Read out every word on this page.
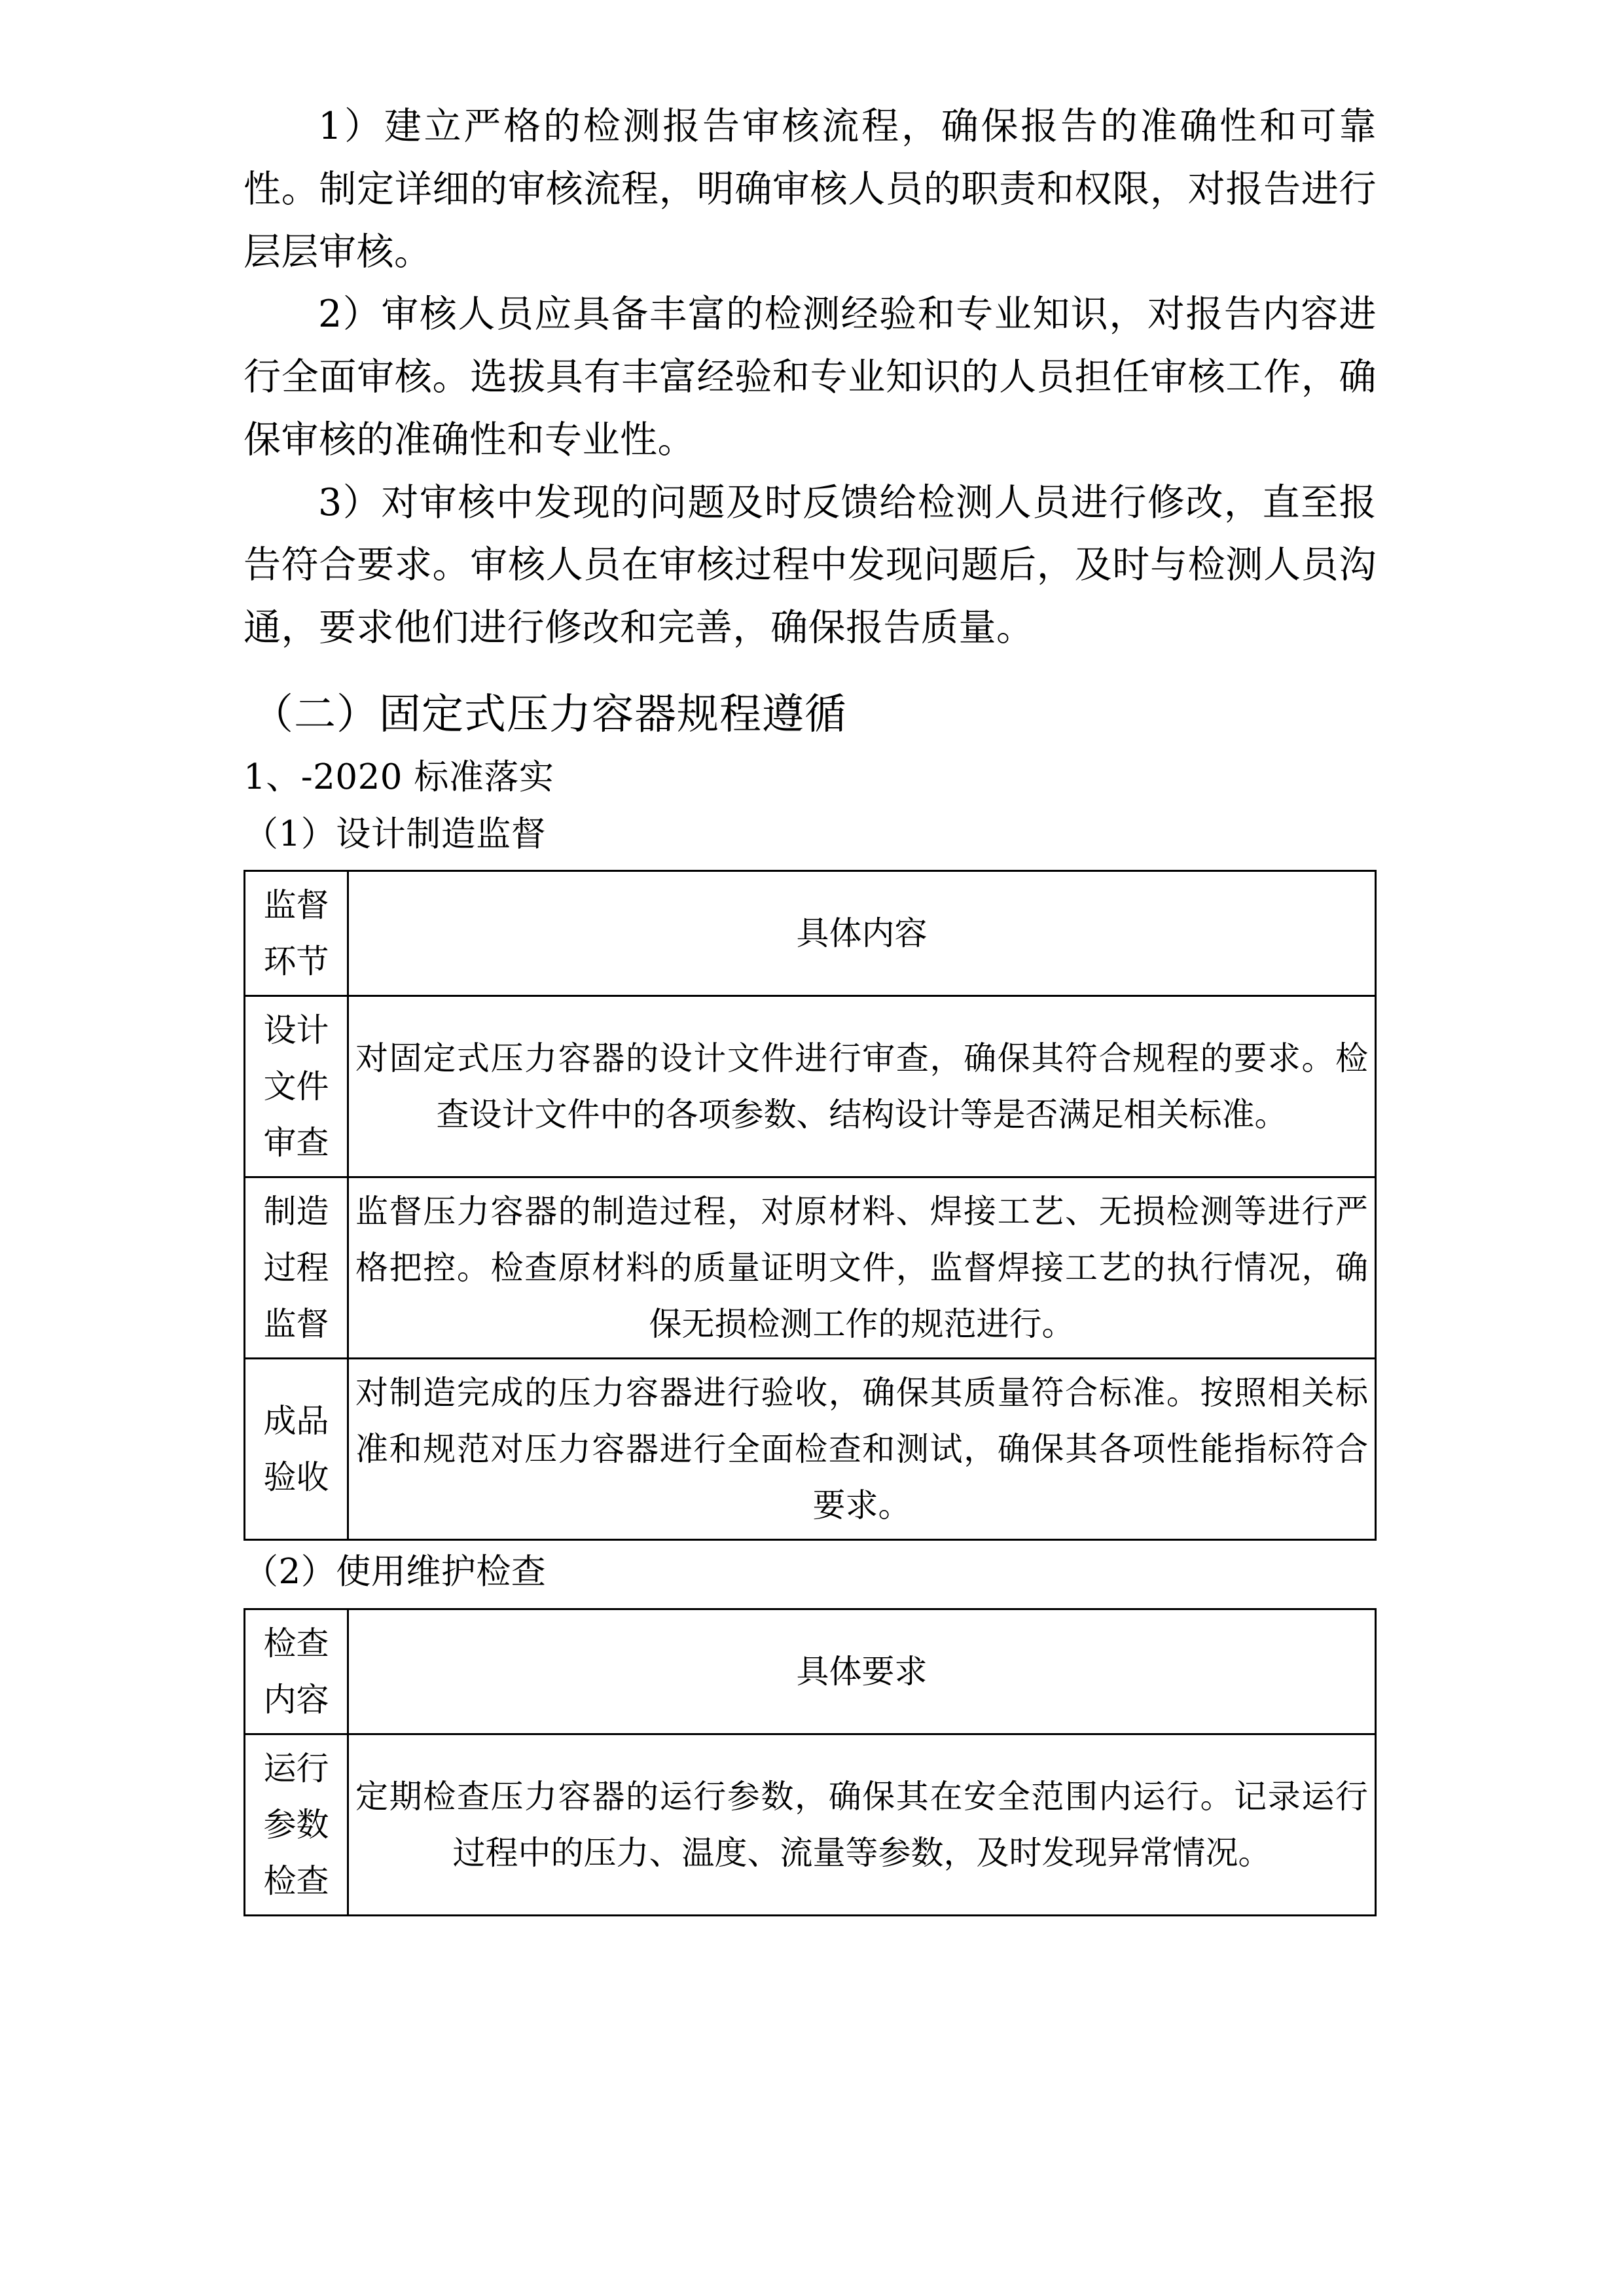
1）建立严格的检测报告审核流程，确保报告的准确性和可靠性。制定详细的审核流程，明确审核人员的职责和权限，对报告进行层层审核。

2）审核人员应具备丰富的检测经验和专业知识，对报告内容进行全面审核。选拔具有丰富经验和专业知识的人员担任审核工作，确保审核的准确性和专业性。

3）对审核中发现的问题及时反馈给检测人员进行修改，直至报告符合要求。审核人员在审核过程中发现问题后，及时与检测人员沟通，要求他们进行修改和完善，确保报告质量。

（二）固定式压力容器规程遵循

1、-2020 标准落实

（1）设计制造监督

监督环节	具体内容
设计文件审查	对固定式压力容器的设计文件进行审查，确保其符合规程的要求。检查设计文件中的各项参数、结构设计等是否满足相关标准。
制造过程监督	监督压力容器的制造过程，对原材料、焊接工艺、无损检测等进行严格把控。检查原材料的质量证明文件，监督焊接工艺的执行情况，确保无损检测工作的规范进行。
成品验收	对制造完成的压力容器进行验收，确保其质量符合标准。按照相关标准和规范对压力容器进行全面检查和测试，确保其各项性能指标符合要求。

（2）使用维护检查

检查内容	具体要求
运行参数检查	定期检查压力容器的运行参数，确保其在安全范围内运行。记录运行过程中的压力、温度、流量等参数，及时发现异常情况。
